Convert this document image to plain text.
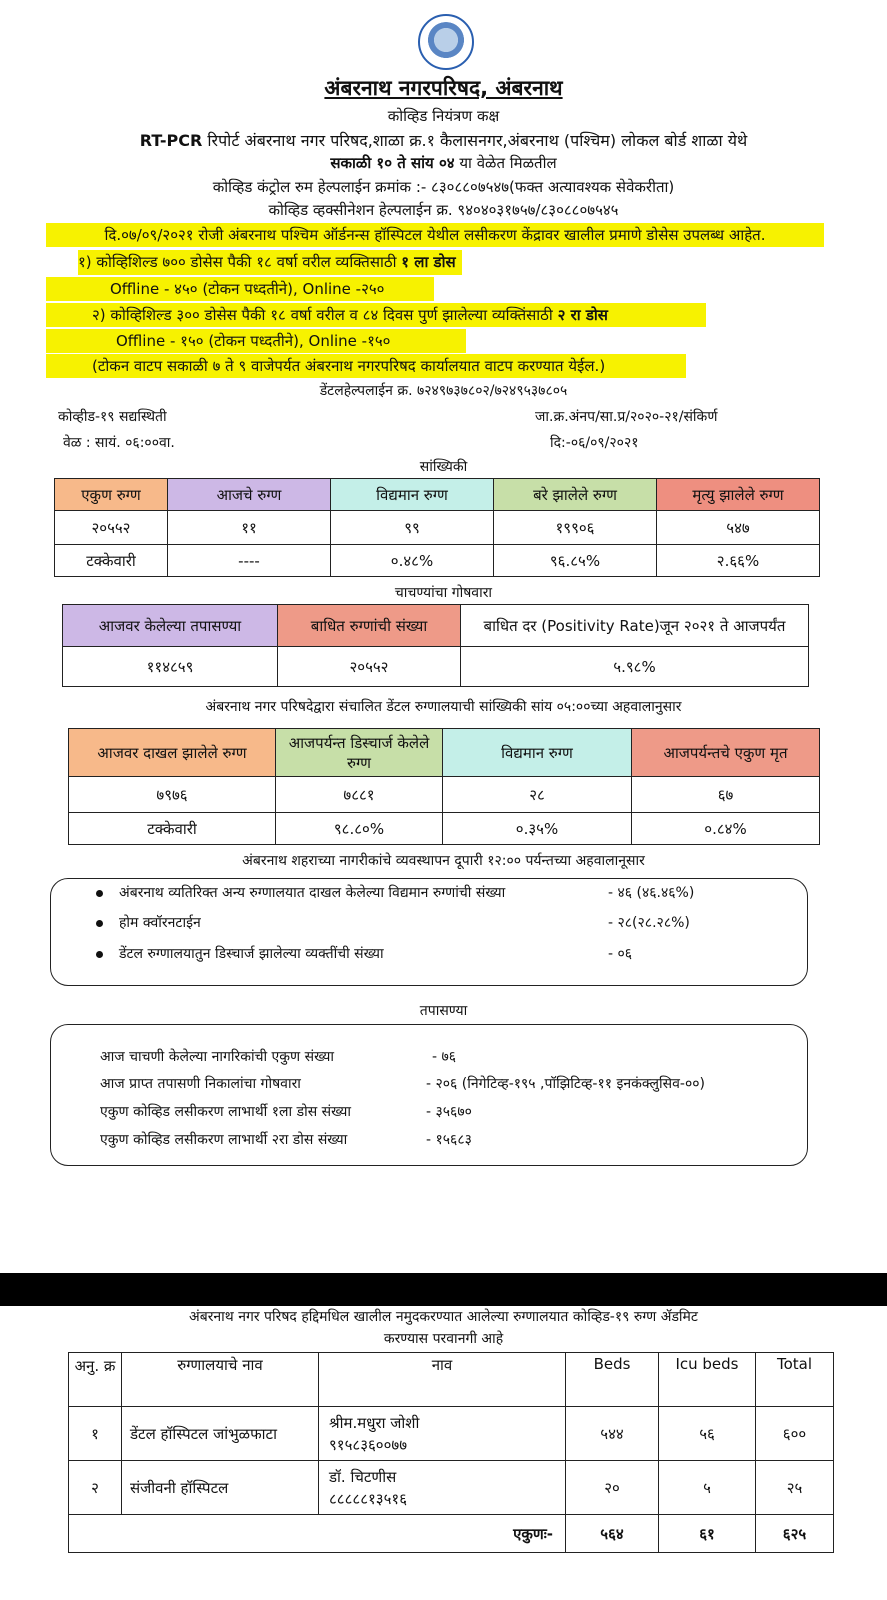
अंबरनाथ नगरपरिषद, अंबरनाथ
कोव्हिड नियंत्रण कक्ष
RT-PCR रिपोर्ट अंबरनाथ नगर परिषद,शाळा क्र.१ कैलासनगर,अंबरनाथ (पश्चिम) लोकल बोर्ड शाळा येथे
सकाळी १० ते सांय ०४ या वेळेत मिळतील
कोव्हिड कंट्रोल रुम हेल्पलाईन क्रमांक :- ८३०८८०७५४७(फक्त अत्यावश्यक सेवेकरीता)
कोव्हिड व्हक्सीनेशन हेल्पलाईन क्र. ९४०४०३१७५७/८३०८८०७५४५
दि.०७/०९/२०२१ रोजी अंबरनाथ पश्चिम ऑर्डनन्स हॉस्पिटल येथील लसीकरण केंद्रावर खालील प्रमाणे डोसेस उपलब्ध आहेत.
१) कोव्हिशिल्ड ७०० डोसेस पैकी १८ वर्षा वरील व्यक्तिसाठी १ ला डोस
Offline - ४५० (टोकन पध्दतीने), Online -२५०
२) कोव्हिशिल्ड ३०० डोसेस पैकी १८ वर्षा वरील व ८४ दिवस पुर्ण झालेल्या व्यक्तिंसाठी २ रा डोस
Offline - १५० (टोकन पध्दतीने), Online -१५०
(टोकन वाटप सकाळी ७ ते ९ वाजेपर्यत अंबरनाथ नगरपरिषद कार्यालयात वाटप करण्यात येईल.)
डेंटलहेल्पलाईन क्र. ७२४९७३७८०२/७२४९५३७८०५
कोव्हीड-१९ सद्यस्थिती	जा.क्र.अंनप/सा.प्र/२०२०-२१/संकिर्ण
वेळ : सायं. ०६:००वा.	दि:-०६/०९/२०२१
सांख्यिकी
एकुण रुग्ण	आजचे रुग्ण	विद्यमान रुग्ण	बरे झालेले रुग्ण	मृत्यु झालेले रुग्ण
२०५५२	११	९९	१९९०६	५४७
टक्केवारी	----	०.४८%	९६.८५%	२.६६%
चाचण्यांचा गोषवारा
आजवर केलेल्या तपासण्या	बाधित रुग्णांची संख्या	बाधित दर (Positivity Rate)जून २०२१ ते आजपर्यंत
११४८५९	२०५५२	५.९८%
अंबरनाथ नगर परिषदेद्वारा संचालित डेंटल रुग्णालयाची सांख्यिकी सांय ०५:००च्या अहवालानुसार
आजवर दाखल झालेले रुग्ण	आजपर्यन्त डिस्चार्ज केलेले रुग्ण	विद्यमान रुग्ण	आजपर्यन्तचे एकुण मृत
७९७६	७८८१	२८	६७
टक्केवारी	९८.८०%	०.३५%	०.८४%
अंबरनाथ शहराच्या नागरीकांचे व्यवस्थापन दूपारी १२:०० पर्यन्तच्या अहवालानूसार
अंबरनाथ व्यतिरिक्त अन्य रुग्णालयात दाखल केलेल्या विद्यमान रुग्णांची संख्या	- ४६ (४६.४६%)
होम क्वॉरनटाईन	- २८(२८.२८%)
डेंटल रुग्णालयातुन डिस्चार्ज झालेल्या व्यक्तींची संख्या	- ०६
तपासण्या
आज चाचणी केलेल्या नागरिकांची एकुण संख्या	- ७६
आज प्राप्त तपासणी निकालांचा गोषवारा	- २०६ (निगेटिव्ह-१९५ ,पॉझिटिव्ह-११ इनकंक्लुसिव-००)
एकुण कोव्हिड लसीकरण लाभार्थी १ला डोस संख्या	- ३५६७०
एकुण कोव्हिड लसीकरण लाभार्थी २रा डोस संख्या	- १५६८३
अंबरनाथ नगर परिषद हद्दिमधिल खालील नमुदकरण्यात आलेल्या रुग्णालयात कोव्हिड-१९ रुग्ण ॲडमिट
करण्यास परवानगी आहे
अनु. क्र	रुग्णालयाचे नाव	नाव	Beds	Icu beds	Total
१	डेंटल हॉस्पिटल जांभुळफाटा	श्रीम.मधुरा जोशी
९१५८३६००७७	५४४	५६	६००
२	संजीवनी हॉस्पिटल	डॉ. चिटणीस
८८८८८१३५१६	२०	५	२५
एकुणः-			५६४	६१	६२५
